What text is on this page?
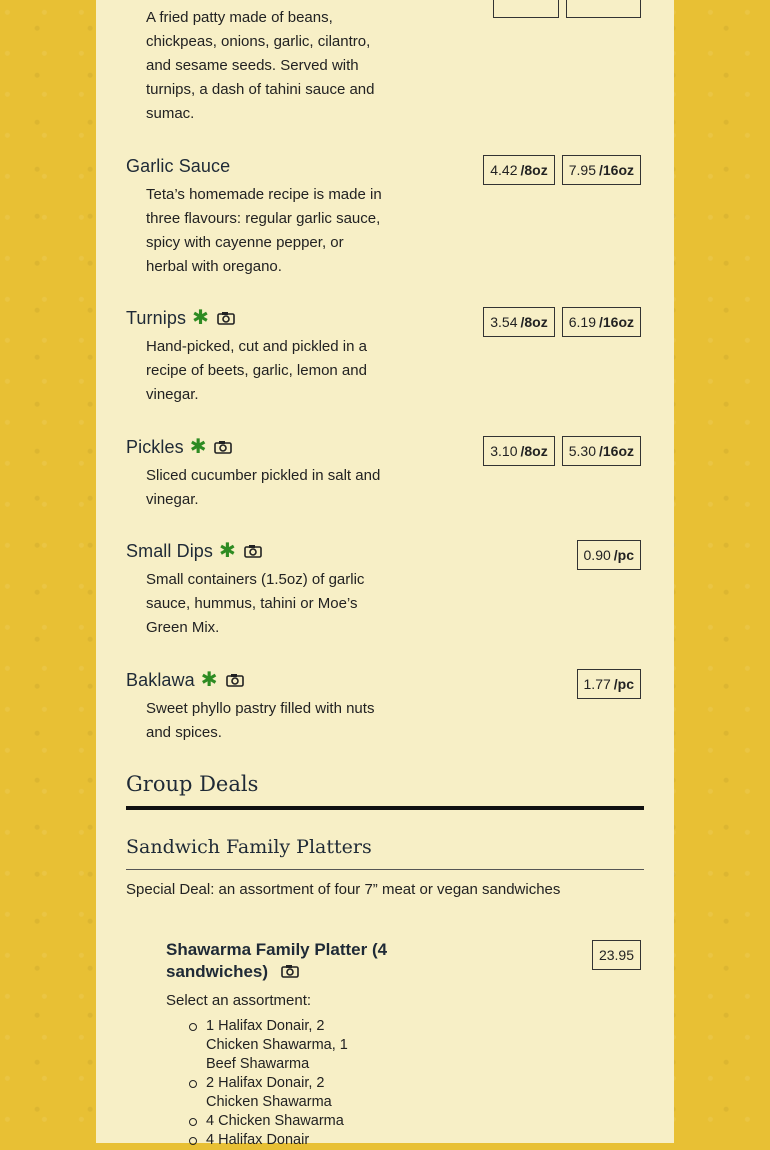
A fried patty made of beans, chickpeas, onions, garlic, cilantro, and sesame seeds. Served with turnips, a dash of tahini sauce and sumac.
Garlic Sauce	4.42 /8oz 7.95 /16oz
Teta’s homemade recipe is made in three flavours: regular garlic sauce, spicy with cayenne pepper, or herbal with oregano.
Turnips ✱	3.54 /8oz 6.19 /16oz
Hand-picked, cut and pickled in a recipe of beets, garlic, lemon and vinegar.
Pickles ✱	3.10 /8oz 5.30 /16oz
Sliced cucumber pickled in salt and vinegar.
Small Dips ✱	0.90 /pc
Small containers (1.5oz) of garlic sauce, hummus, tahini or Moe’s Green Mix.
Baklawa ✱	1.77 /pc
Sweet phyllo pastry filled with nuts and spices.
Group Deals
Sandwich Family Platters
Special Deal: an assortment of four 7” meat or vegan sandwiches
Shawarma Family Platter (4 sandwiches)
23.95
Select an assortment:
1 Halifax Donair, 2 Chicken Shawarma, 1 Beef Shawarma
2 Halifax Donair, 2 Chicken Shawarma
4 Chicken Shawarma
4 Halifax Donair
